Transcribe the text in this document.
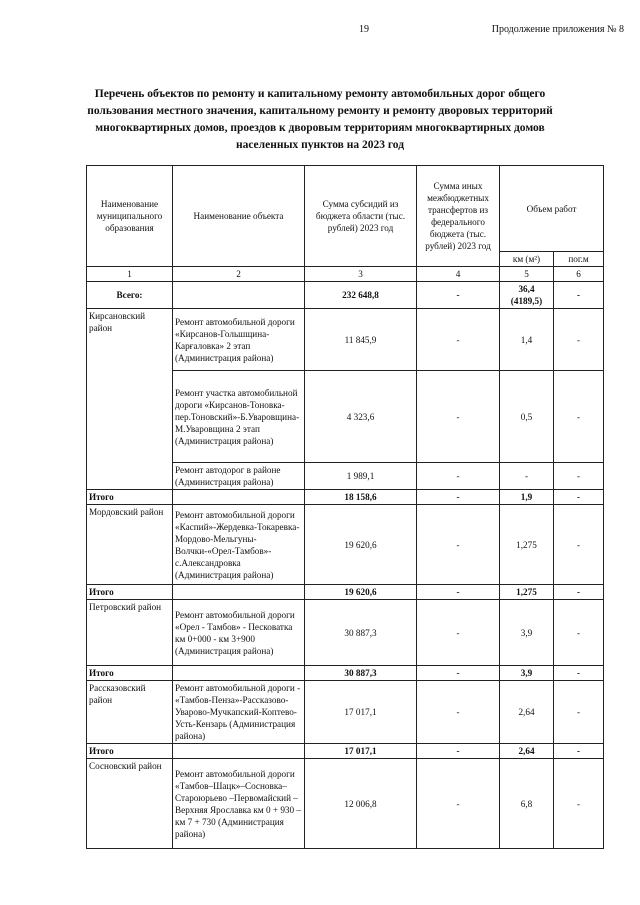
19	Продолжение приложения № 8
Перечень объектов по ремонту и капитальному ремонту автомобильных дорог общего пользования местного значения, капитальному ремонту и ремонту дворовых территорий многоквартирных домов, проездов к дворовым территориям многоквартирных домов населенных пунктов на 2023 год
Наименование муниципального образования	Наименование объекта	Сумма субсидий из бюджета области (тыс. рублей) 2023 год	Сумма иных межбюджетных трансфертов из федерального бюджета (тыс. рублей) 2023 год	Объем работ	
				км (м²)	пог.м
1	2	3	4	5	6
Всего:		232 648,8	-	36,4 (4189,5)	-
Кирсановский район	Ремонт автомобильной дороги «Кирсанов-Гольшщина-Карғаловка» 2 этап (Администрация района)	11 845,9	-	1,4	-
	Ремонт участка автомобильной дороги «Кирсанов-Тоновка-пер.Тоновский»-Б.Уваровщина-М.Уваровщина 2 этап (Администрация района)	4 323,6	-	0,5	-
	Ремонт автодорог в районе (Администрация района)	1 989,1	-	-	-
Итого		18 158,6	-	1,9	-
Мордовский район	Ремонт автомобильной дороги «Каспий»-Жердевка-Токаревка-Мордово-Мельгуны-Волчки-«Орел-Тамбов»-с.Александровка (Администрация района)	19 620,6	-	1,275	-
Итого		19 620,6	-	1,275	-
Петровский район	Ремонт автомобильной дороги «Орел - Тамбов» - Песковатка км 0+000 - км 3+900 (Администрация района)	30 887,3	-	3,9	-
Итого		30 887,3	-	3,9	-
Рассказовский район	Ремонт автомобильной дороги - «Тамбов-Пенза»-Рассказово-Уварово-Мучкапский-Коптево-Усть-Кензарь (Администрация района)	17 017,1	-	2,64	-
Итого		17 017,1	-	2,64	-
Сосновский район	Ремонт автомобильной дороги «Тамбов–Шацк»–Сосновка–Староюрьево –Первомайский – Верхняя Ярославка км 0 + 930 – км 7 + 730 (Администрация района)	12 006,8	-	6,8	-
